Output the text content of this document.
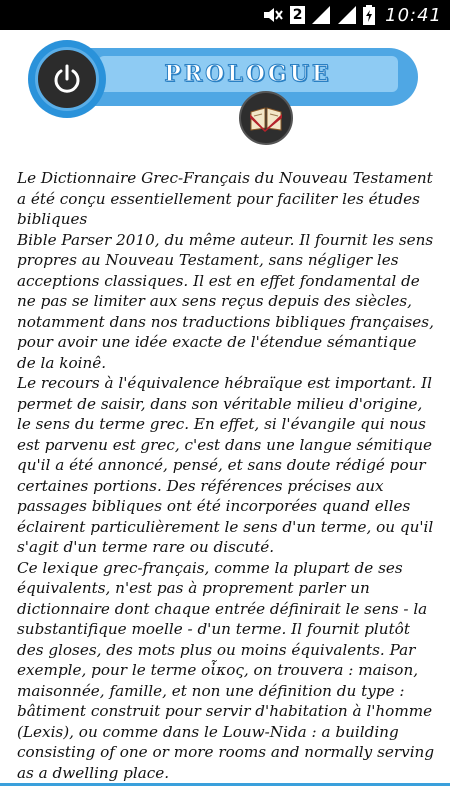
2	10:41
PROLOGUE

Le Dictionnaire Grec-Français du Nouveau Testament a été conçu essentiellement pour faciliter les études bibliques

Bible Parser 2010, du même auteur. Il fournit les sens propres au Nouveau Testament, sans négliger les acceptions classiques. Il est en effet fondamental de ne pas se limiter aux sens reçus depuis des siècles, notamment dans nos traductions bibliques françaises, pour avoir une idée exacte de l'étendue sémantique de la koinê.

Le recours à l'équivalence hébraïque est important. Il permet de saisir, dans son véritable milieu d'origine, le sens du terme grec. En effet, si l'évangile qui nous est parvenu est grec, c'est dans une langue sémitique qu'il a été annoncé, pensé, et sans doute rédigé pour certaines portions. Des références précises aux passages bibliques ont été incorporées quand elles éclairent particulièrement le sens d'un terme, ou qu'il s'agit d'un terme rare ou discuté.

Ce lexique grec-français, comme la plupart de ses équivalents, n'est pas à proprement parler un dictionnaire dont chaque entrée définirait le sens - la substantifique moelle - d'un terme. Il fournit plutôt des gloses, des mots plus ou moins équivalents. Par exemple, pour le terme οἶκος, on trouvera : maison, maisonnée, famille, et non une définition du type : bâtiment construit pour servir d'habitation à l'homme (Lexis), ou comme dans le Louw-Nida : a building consisting of one or more rooms and normally serving as a dwelling place.
